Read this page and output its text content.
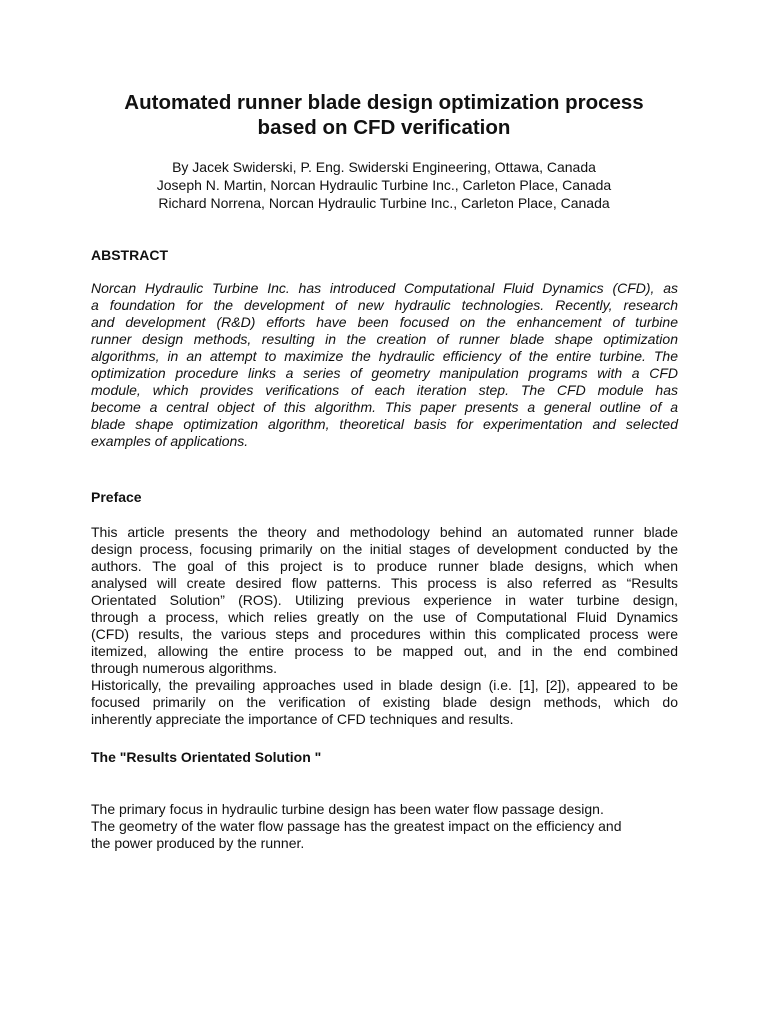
Automated runner blade design optimization process
based on CFD verification
By Jacek Swiderski, P. Eng. Swiderski Engineering, Ottawa, Canada
Joseph N. Martin, Norcan Hydraulic Turbine Inc., Carleton Place, Canada
Richard Norrena, Norcan Hydraulic Turbine Inc., Carleton Place, Canada
ABSTRACT
Norcan Hydraulic Turbine Inc. has introduced Computational Fluid Dynamics (CFD), as
a foundation for the development of new hydraulic technologies. Recently, research
and development (R&D) efforts have been focused on the enhancement of turbine
runner design methods, resulting in the creation of runner blade shape optimization
algorithms, in an attempt to maximize the hydraulic efficiency of the entire turbine. The
optimization procedure links a series of geometry manipulation programs with a CFD
module, which provides verifications of each iteration step. The CFD module has
become a central object of this algorithm. This paper presents a general outline of a
blade shape optimization algorithm, theoretical basis for experimentation and selected
examples of applications.
Preface
This article presents the theory and methodology behind an automated runner blade
design process, focusing primarily on the initial stages of development conducted by the
authors. The goal of this project is to produce runner blade designs, which when
analysed will create desired flow patterns. This process is also referred as “Results
Orientated Solution” (ROS). Utilizing previous experience in water turbine design,
through a process, which relies greatly on the use of Computational Fluid Dynamics
(CFD) results, the various steps and procedures within this complicated process were
itemized, allowing the entire process to be mapped out, and in the end combined
through numerous algorithms.
Historically, the prevailing approaches used in blade design (i.e. [1], [2]), appeared to be
focused primarily on the verification of existing blade design methods, which do
inherently appreciate the importance of CFD techniques and results.
The "Results Orientated Solution "
The primary focus in hydraulic turbine design has been water flow passage design.
The geometry of the water flow passage has the greatest impact on the efficiency and
the power produced by the runner.
